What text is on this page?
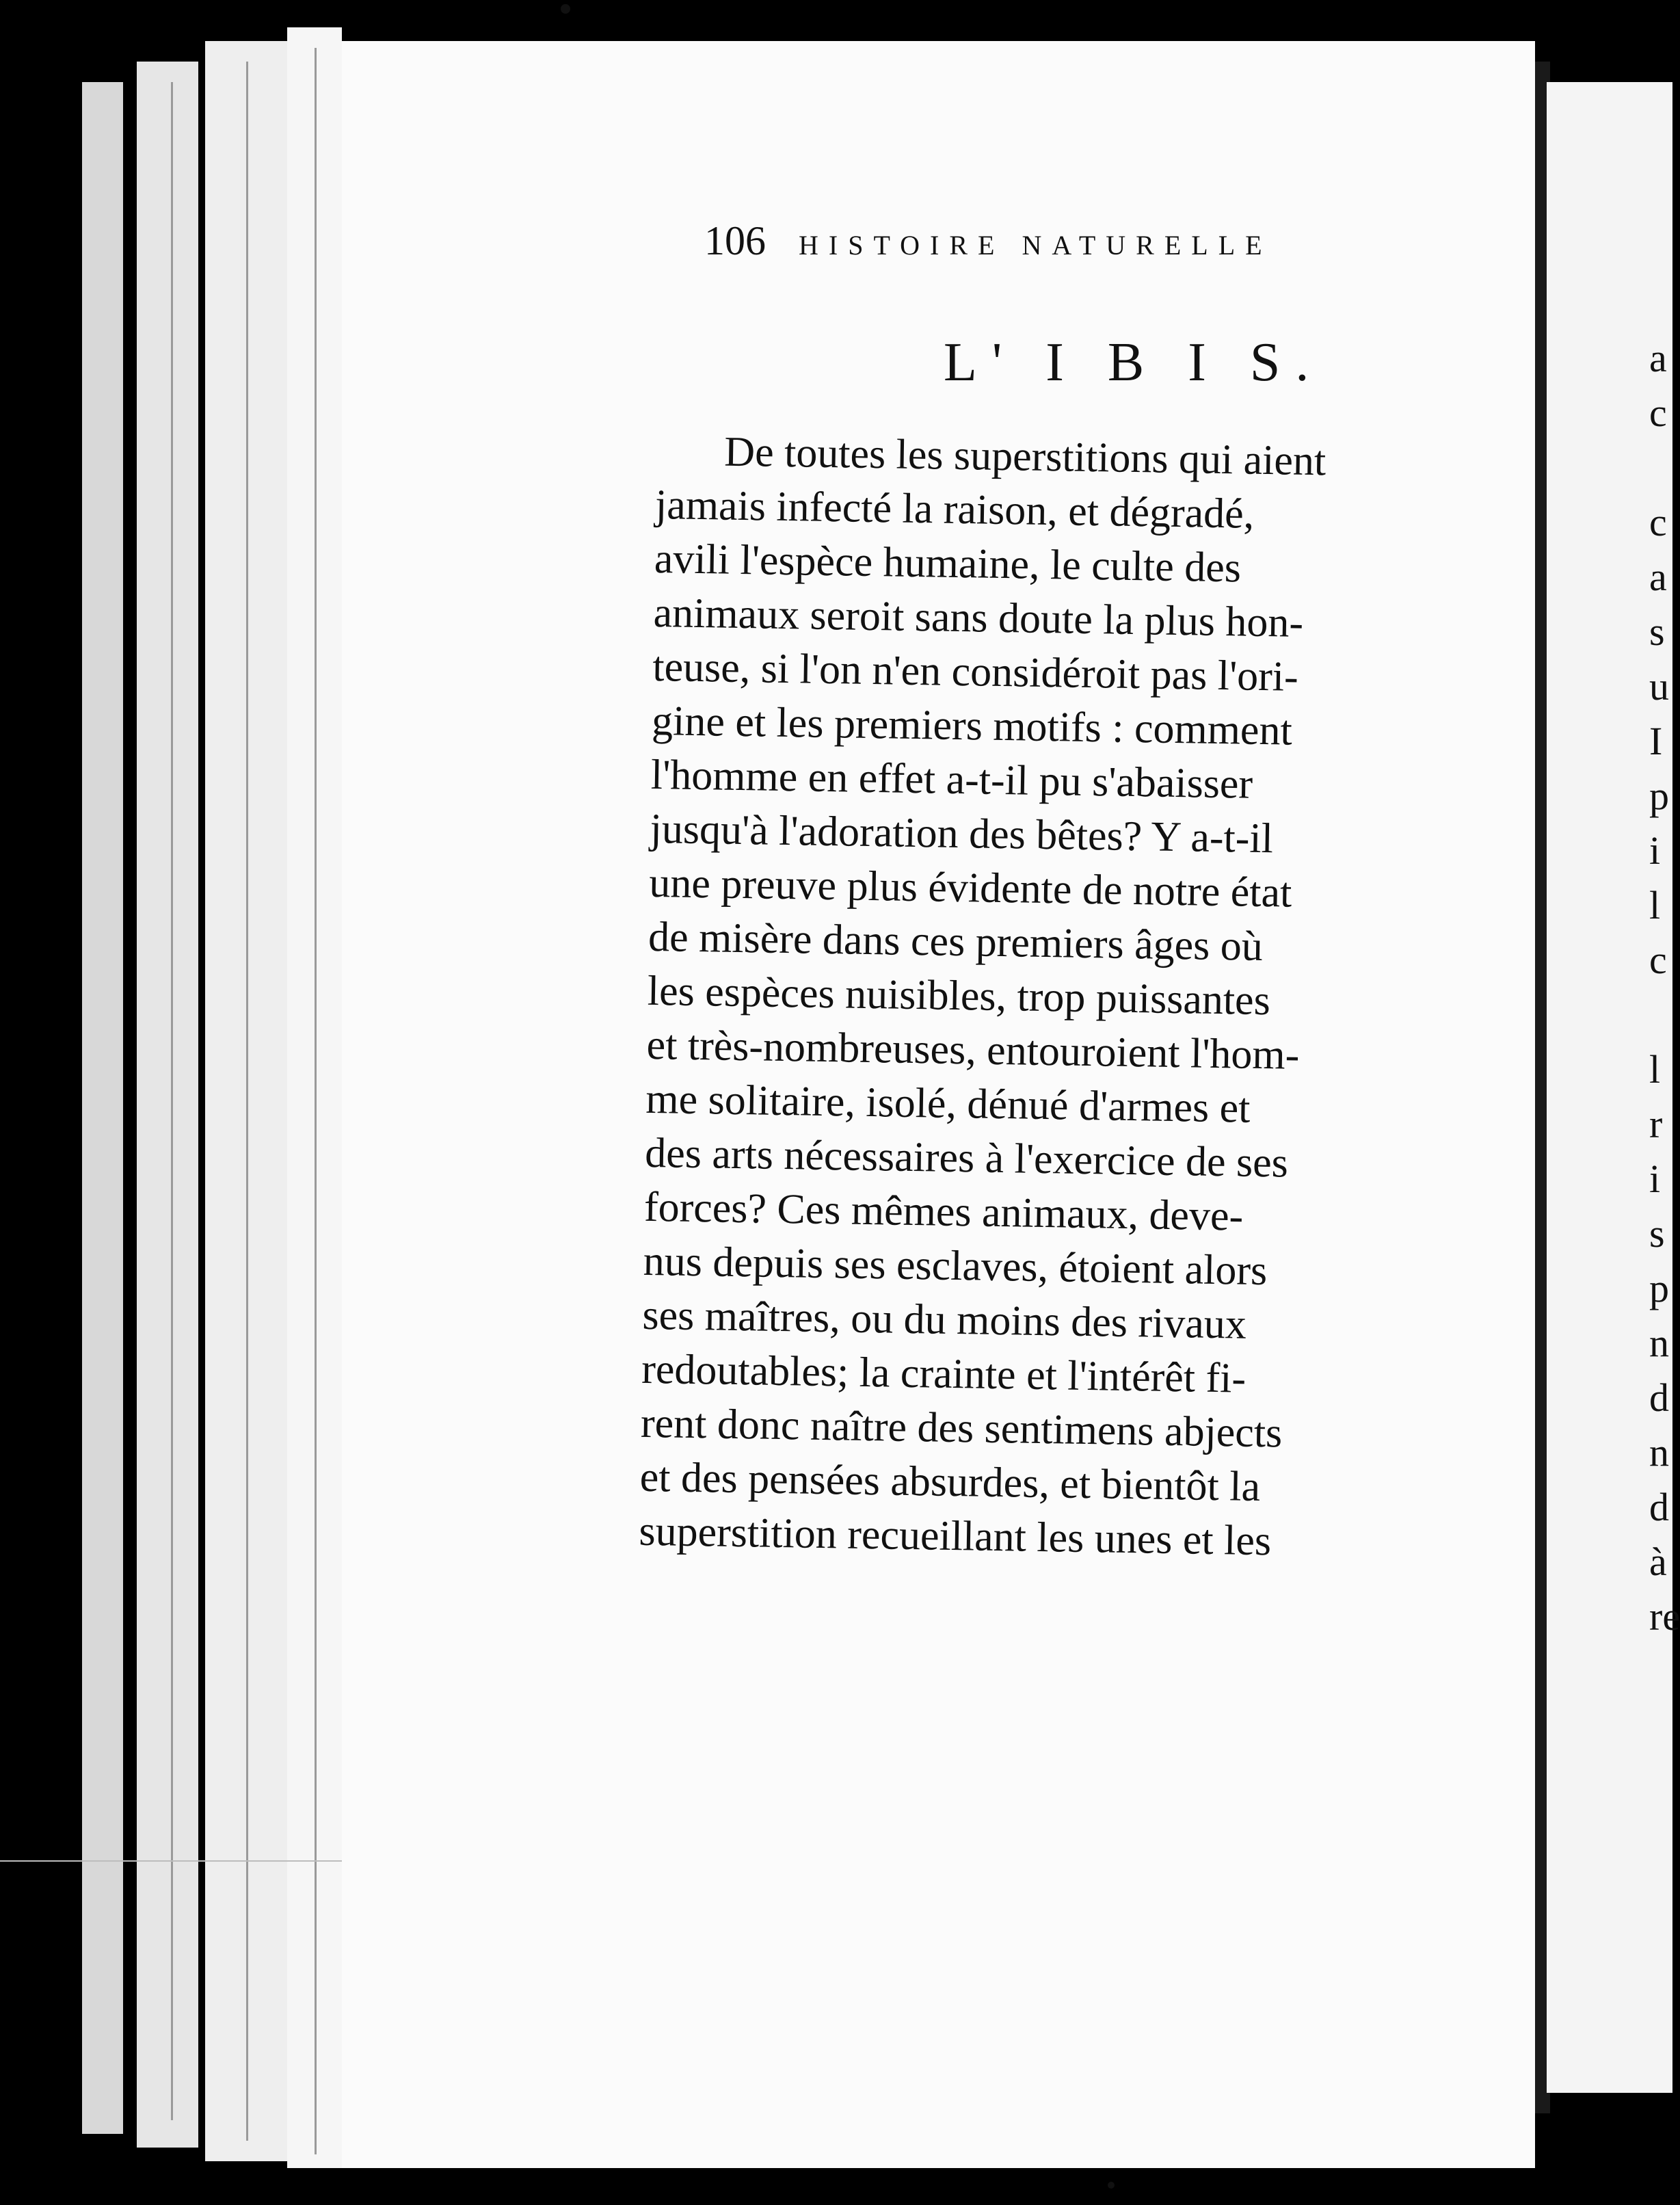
a
c
c
a
s
u
I
p
i
l
c
l
r
i
s
p
n
d
n
d
à
re
106 HISTOIRE NATURELLE
L' I B I S.
De toutes les superstitions qui aient
jamais infecté la raison, et dégradé,
avili l'espèce humaine, le culte des
animaux seroit sans doute la plus hon-
teuse, si l'on n'en considéroit pas l'ori-
gine et les premiers motifs : comment
l'homme en effet a-t-il pu s'abaisser
jusqu'à l'adoration des bêtes? Y a-t-il
une preuve plus évidente de notre état
de misère dans ces premiers âges où
les espèces nuisibles, trop puissantes
et très-nombreuses, entouroient l'hom-
me solitaire, isolé, dénué d'armes et
des arts nécessaires à l'exercice de ses
forces? Ces mêmes animaux, deve-
nus depuis ses esclaves, étoient alors
ses maîtres, ou du moins des rivaux
redoutables; la crainte et l'intérêt fi-
rent donc naître des sentimens abjects
et des pensées absurdes, et bientôt la
superstition recueillant les unes et les
